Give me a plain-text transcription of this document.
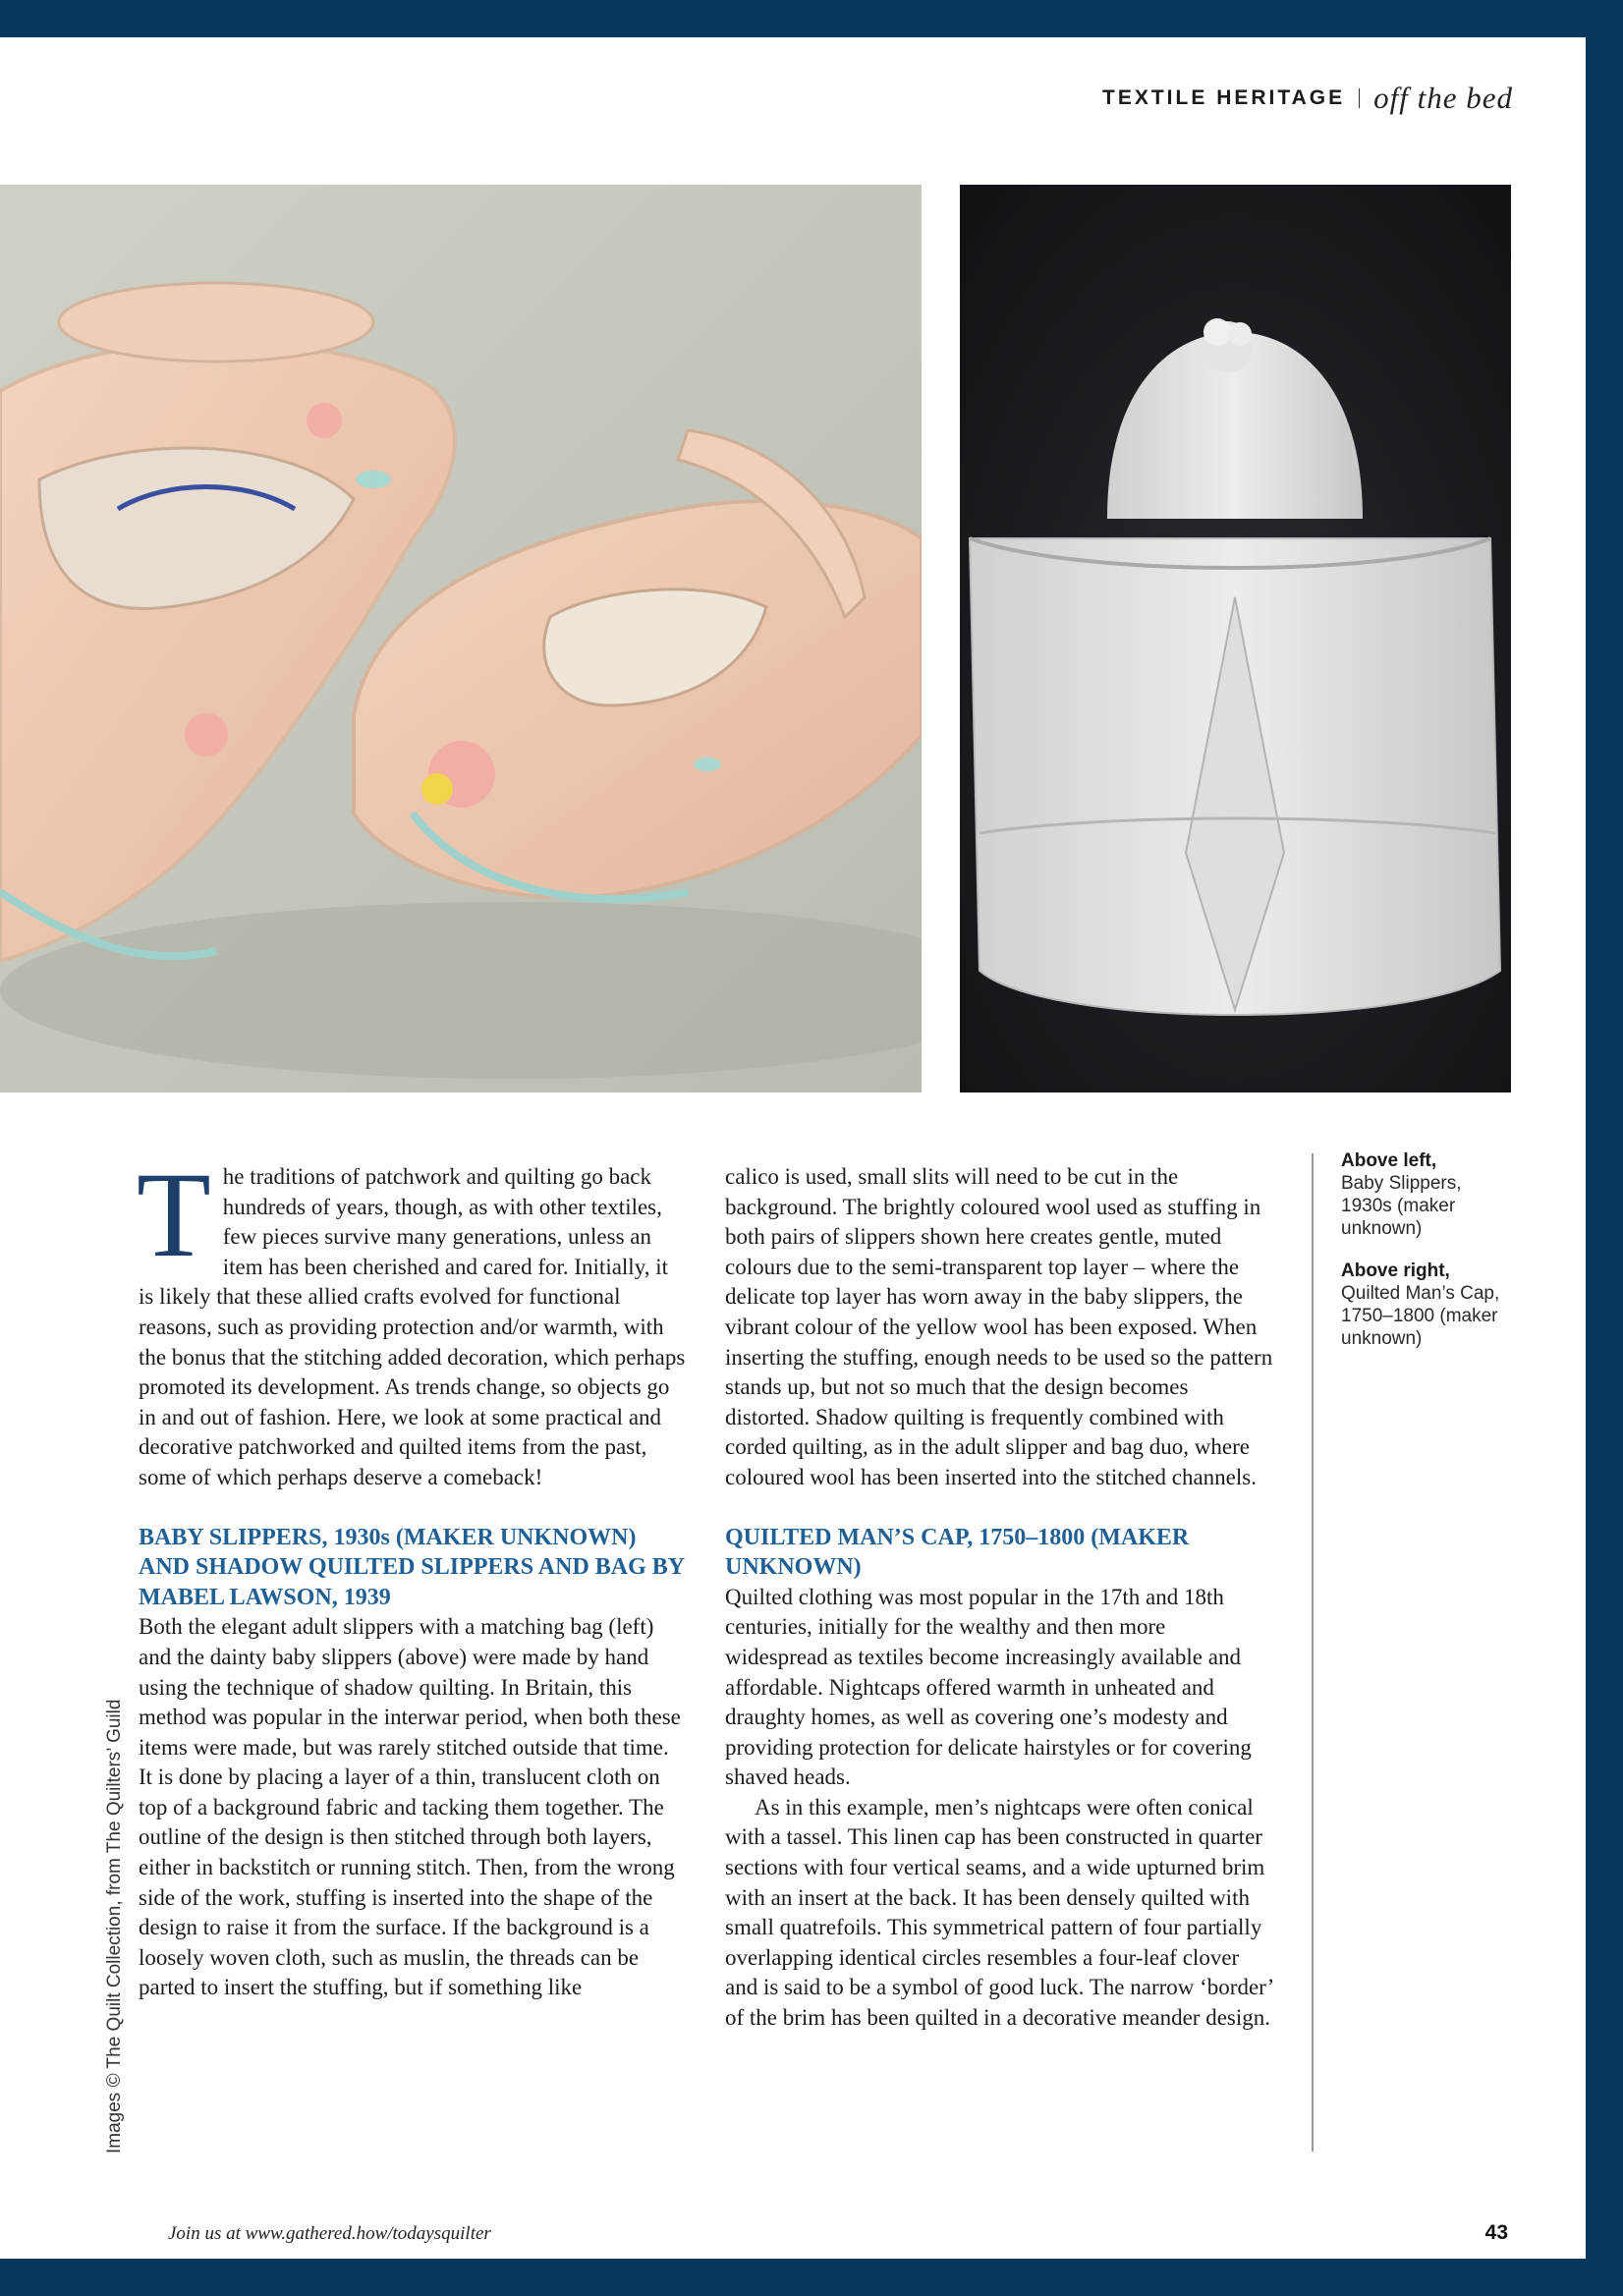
TEXTILE HERITAGE off the bed

The traditions of patchwork and quilting go back hundreds of years, though, as with other textiles, few pieces survive many generations, unless an item has been cherished and cared for. Initially, it is likely that these allied crafts evolved for functional reasons, such as providing protection and/or warmth, with the bonus that the stitching added decoration, which perhaps promoted its development. As trends change, so objects go in and out of fashion. Here, we look at some practical and decorative patchworked and quilted items from the past, some of which perhaps deserve a comeback!

BABY SLIPPERS, 1930s (MAKER UNKNOWN) AND SHADOW QUILTED SLIPPERS AND BAG BY MABEL LAWSON, 1939

Both the elegant adult slippers with a matching bag (left) and the dainty baby slippers (above) were made by hand using the technique of shadow quilting. In Britain, this method was popular in the interwar period, when both these items were made, but was rarely stitched outside that time. It is done by placing a layer of a thin, translucent cloth on top of a background fabric and tacking them together. The outline of the design is then stitched through both layers, either in backstitch or running stitch. Then, from the wrong side of the work, stuffing is inserted into the shape of the design to raise it from the surface. If the background is a loosely woven cloth, such as muslin, the threads can be parted to insert the stuffing, but if something like

calico is used, small slits will need to be cut in the background. The brightly coloured wool used as stuffing in both pairs of slippers shown here creates gentle, muted colours due to the semi-transparent top layer – where the delicate top layer has worn away in the baby slippers, the vibrant colour of the yellow wool has been exposed. When inserting the stuffing, enough needs to be used so the pattern stands up, but not so much that the design becomes distorted. Shadow quilting is frequently combined with corded quilting, as in the adult slipper and bag duo, where coloured wool has been inserted into the stitched channels.

QUILTED MAN’S CAP, 1750–1800 (MAKER UNKNOWN)

Quilted clothing was most popular in the 17th and 18th centuries, initially for the wealthy and then more widespread as textiles become increasingly available and affordable. Nightcaps offered warmth in unheated and draughty homes, as well as covering one’s modesty and providing protection for delicate hairstyles or for covering shaved heads.

As in this example, men’s nightcaps were often conical with a tassel. This linen cap has been constructed in quarter sections with four vertical seams, and a wide upturned brim with an insert at the back. It has been densely quilted with small quatrefoils. This symmetrical pattern of four partially overlapping identical circles resembles a four-leaf clover and is said to be a symbol of good luck. The narrow ‘border’ of the brim has been quilted in a decorative meander design.

Above left,
Baby Slippers, 1930s (maker unknown)
Above right,
Quilted Man’s Cap, 1750–1800 (maker unknown)
Images © The Quilt Collection, from The Quilters’ Guild
Join us at www.gathered.how/todaysquilter	43
